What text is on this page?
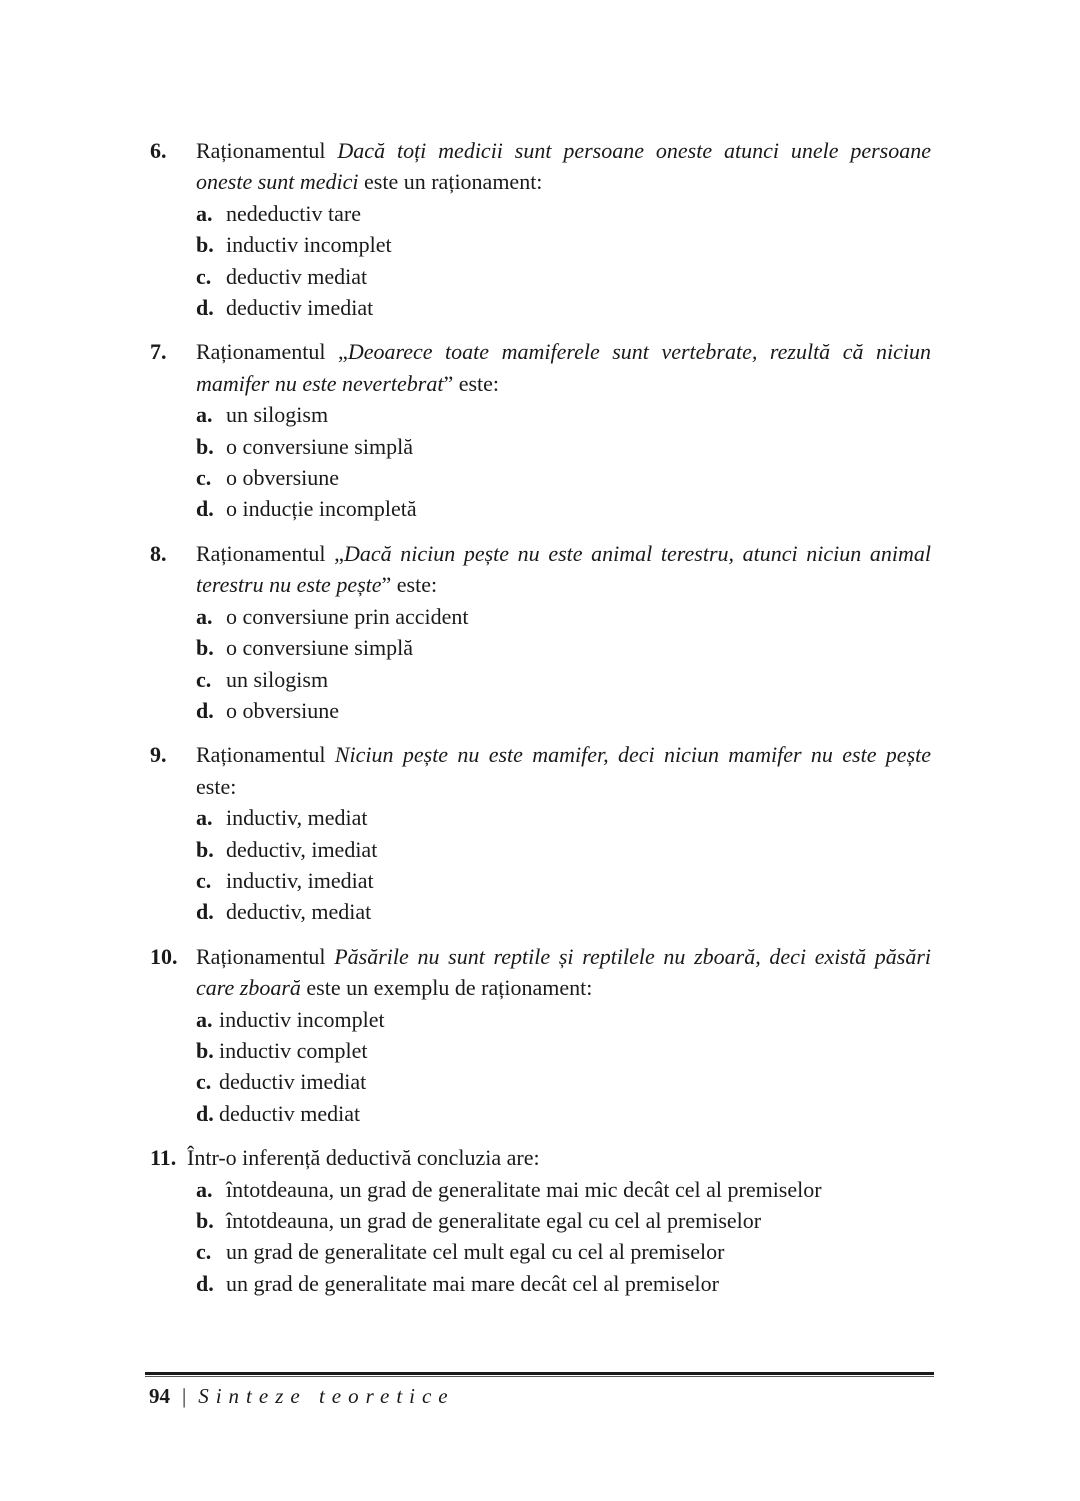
6.	Raționamentul Dacă toți medicii sunt persoane oneste atunci unele persoane oneste sunt medici este un raționament:
a. nedeductiv tare
b. inductiv incomplet
c. deductiv mediat
d. deductiv imediat
7.	Raționamentul „Deoarece toate mamiferele sunt vertebrate, rezultă că niciun mamifer nu este nevertebrat” este:
a. un silogism
b. o conversiune simplă
c. o obversiune
d. o inducție incompletă
8.	Raționamentul „Dacă niciun pește nu este animal terestru, atunci niciun animal terestru nu este pește” este:
a. o conversiune prin accident
b. o conversiune simplă
c. un silogism
d. o obversiune
9.	Raționamentul Niciun pește nu este mamifer, deci niciun mamifer nu este pește este:
a. inductiv, mediat
b. deductiv, imediat
c. inductiv, imediat
d. deductiv, mediat
10. Raționamentul Păsările nu sunt reptile și reptilele nu zboară, deci există păsări care zboară este un exemplu de raționament:
a. inductiv incomplet
b. inductiv complet
c. deductiv imediat
d. deductiv mediat
11. Într-o inferență deductivă concluzia are:
a. întotdeauna, un grad de generalitate mai mic decât cel al premiselor
b. întotdeauna, un grad de generalitate egal cu cel al premiselor
c. un grad de generalitate cel mult egal cu cel al premiselor
d. un grad de generalitate mai mare decât cel al premiselor
94 | Sinteze teoretice
